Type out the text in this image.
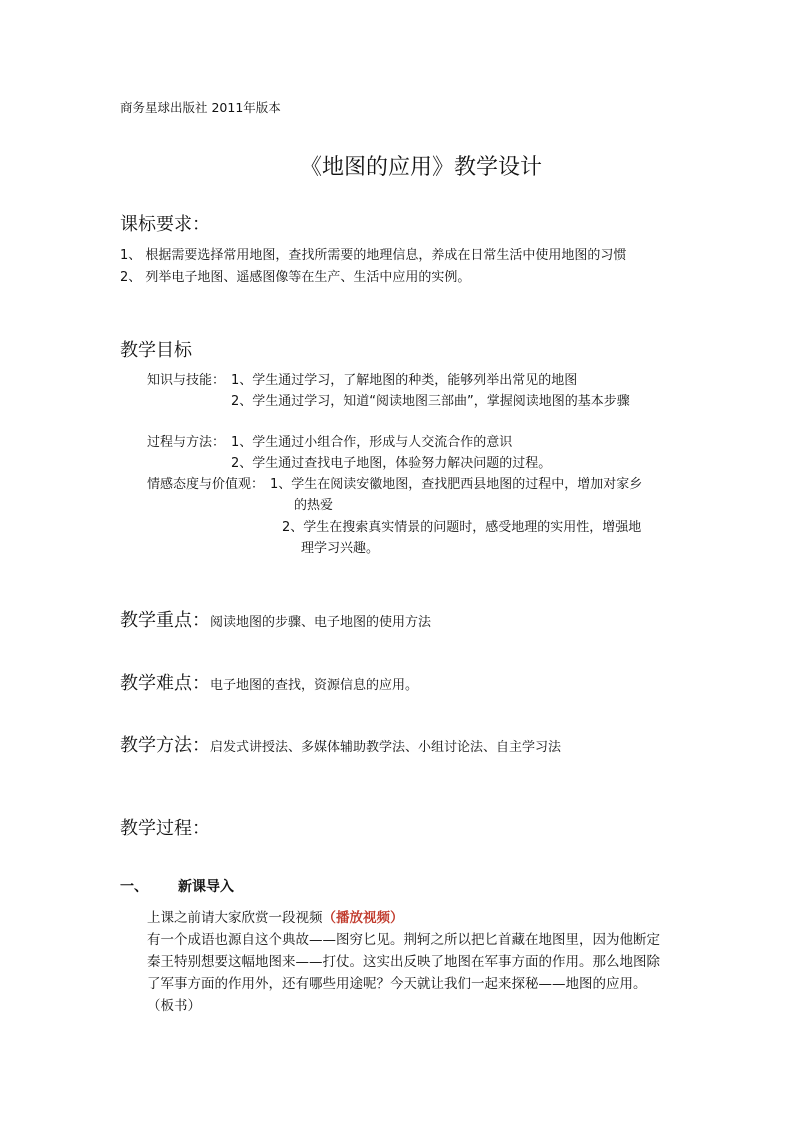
商务星球出版社 2011年版本
《地图的应用》教学设计
课标要求：
1、 根据需要选择常用地图，查找所需要的地理信息，养成在日常生活中使用地图的习惯
2、 列举电子地图、遥感图像等在生产、生活中应用的实例。
教学目标
知识与技能： 1、学生通过学习，了解地图的种类，能够列举出常见的地图
2、学生通过学习，知道“阅读地图三部曲”，掌握阅读地图的基本步骤
过程与方法： 1、学生通过小组合作，形成与人交流合作的意识
2、学生通过查找电子地图，体验努力解决问题的过程。
情感态度与价值观： 1、学生在阅读安徽地图，查找肥西县地图的过程中，增加对家乡
的热爱
2、学生在搜索真实情景的问题时，感受地理的实用性，增强地
理学习兴趣。
教学重点：阅读地图的步骤、电子地图的使用方法
教学难点：电子地图的查找，资源信息的应用。
教学方法：启发式讲授法、多媒体辅助教学法、小组讨论法、自主学习法
教学过程：
一、 新课导入
上课之前请大家欣赏一段视频（播放视频）
有一个成语也源自这个典故——图穷匕见。荆轲之所以把匕首藏在地图里，因为他断定
秦王特别想要这幅地图来——打仗。这实出反映了地图在军事方面的作用。那么地图除
了军事方面的作用外，还有哪些用途呢？今天就让我们一起来探秘——地图的应用。
（板书）
